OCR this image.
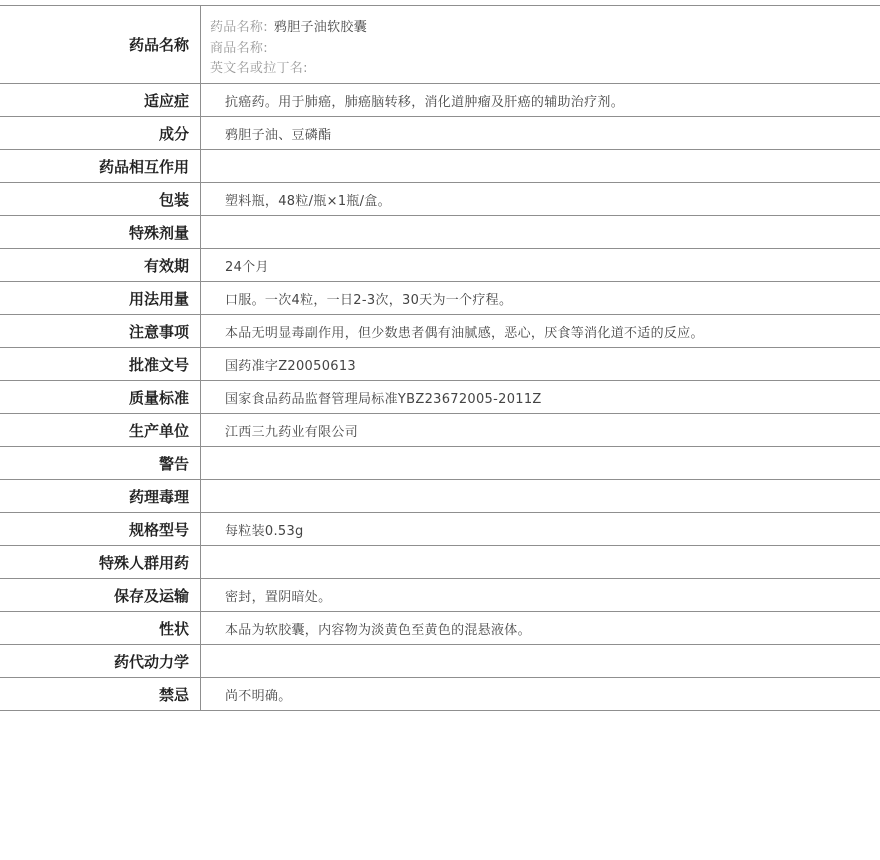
药品名称
药品名称: 鸦胆子油软胶囊
商品名称:
英文名或拉丁名:
适应症	抗癌药。用于肺癌，肺癌脑转移，消化道肿瘤及肝癌的辅助治疗剂。
成分	鸦胆子油、豆磷酯
药品相互作用
包装	塑料瓶，48粒/瓶×1瓶/盒。
特殊剂量
有效期	24个月
用法用量	口服。一次4粒，一日2-3次，30天为一个疗程。
注意事项	本品无明显毒副作用，但少数患者偶有油腻感，恶心，厌食等消化道不适的反应。
批准文号	国药准字Z20050613
质量标准	国家食品药品监督管理局标准YBZ23672005-2011Z
生产单位	江西三九药业有限公司
警告
药理毒理
规格型号	每粒装0.53g
特殊人群用药
保存及运输	密封，置阴暗处。
性状	本品为软胶囊，内容物为淡黄色至黄色的混悬液体。
药代动力学
禁忌	尚不明确。
